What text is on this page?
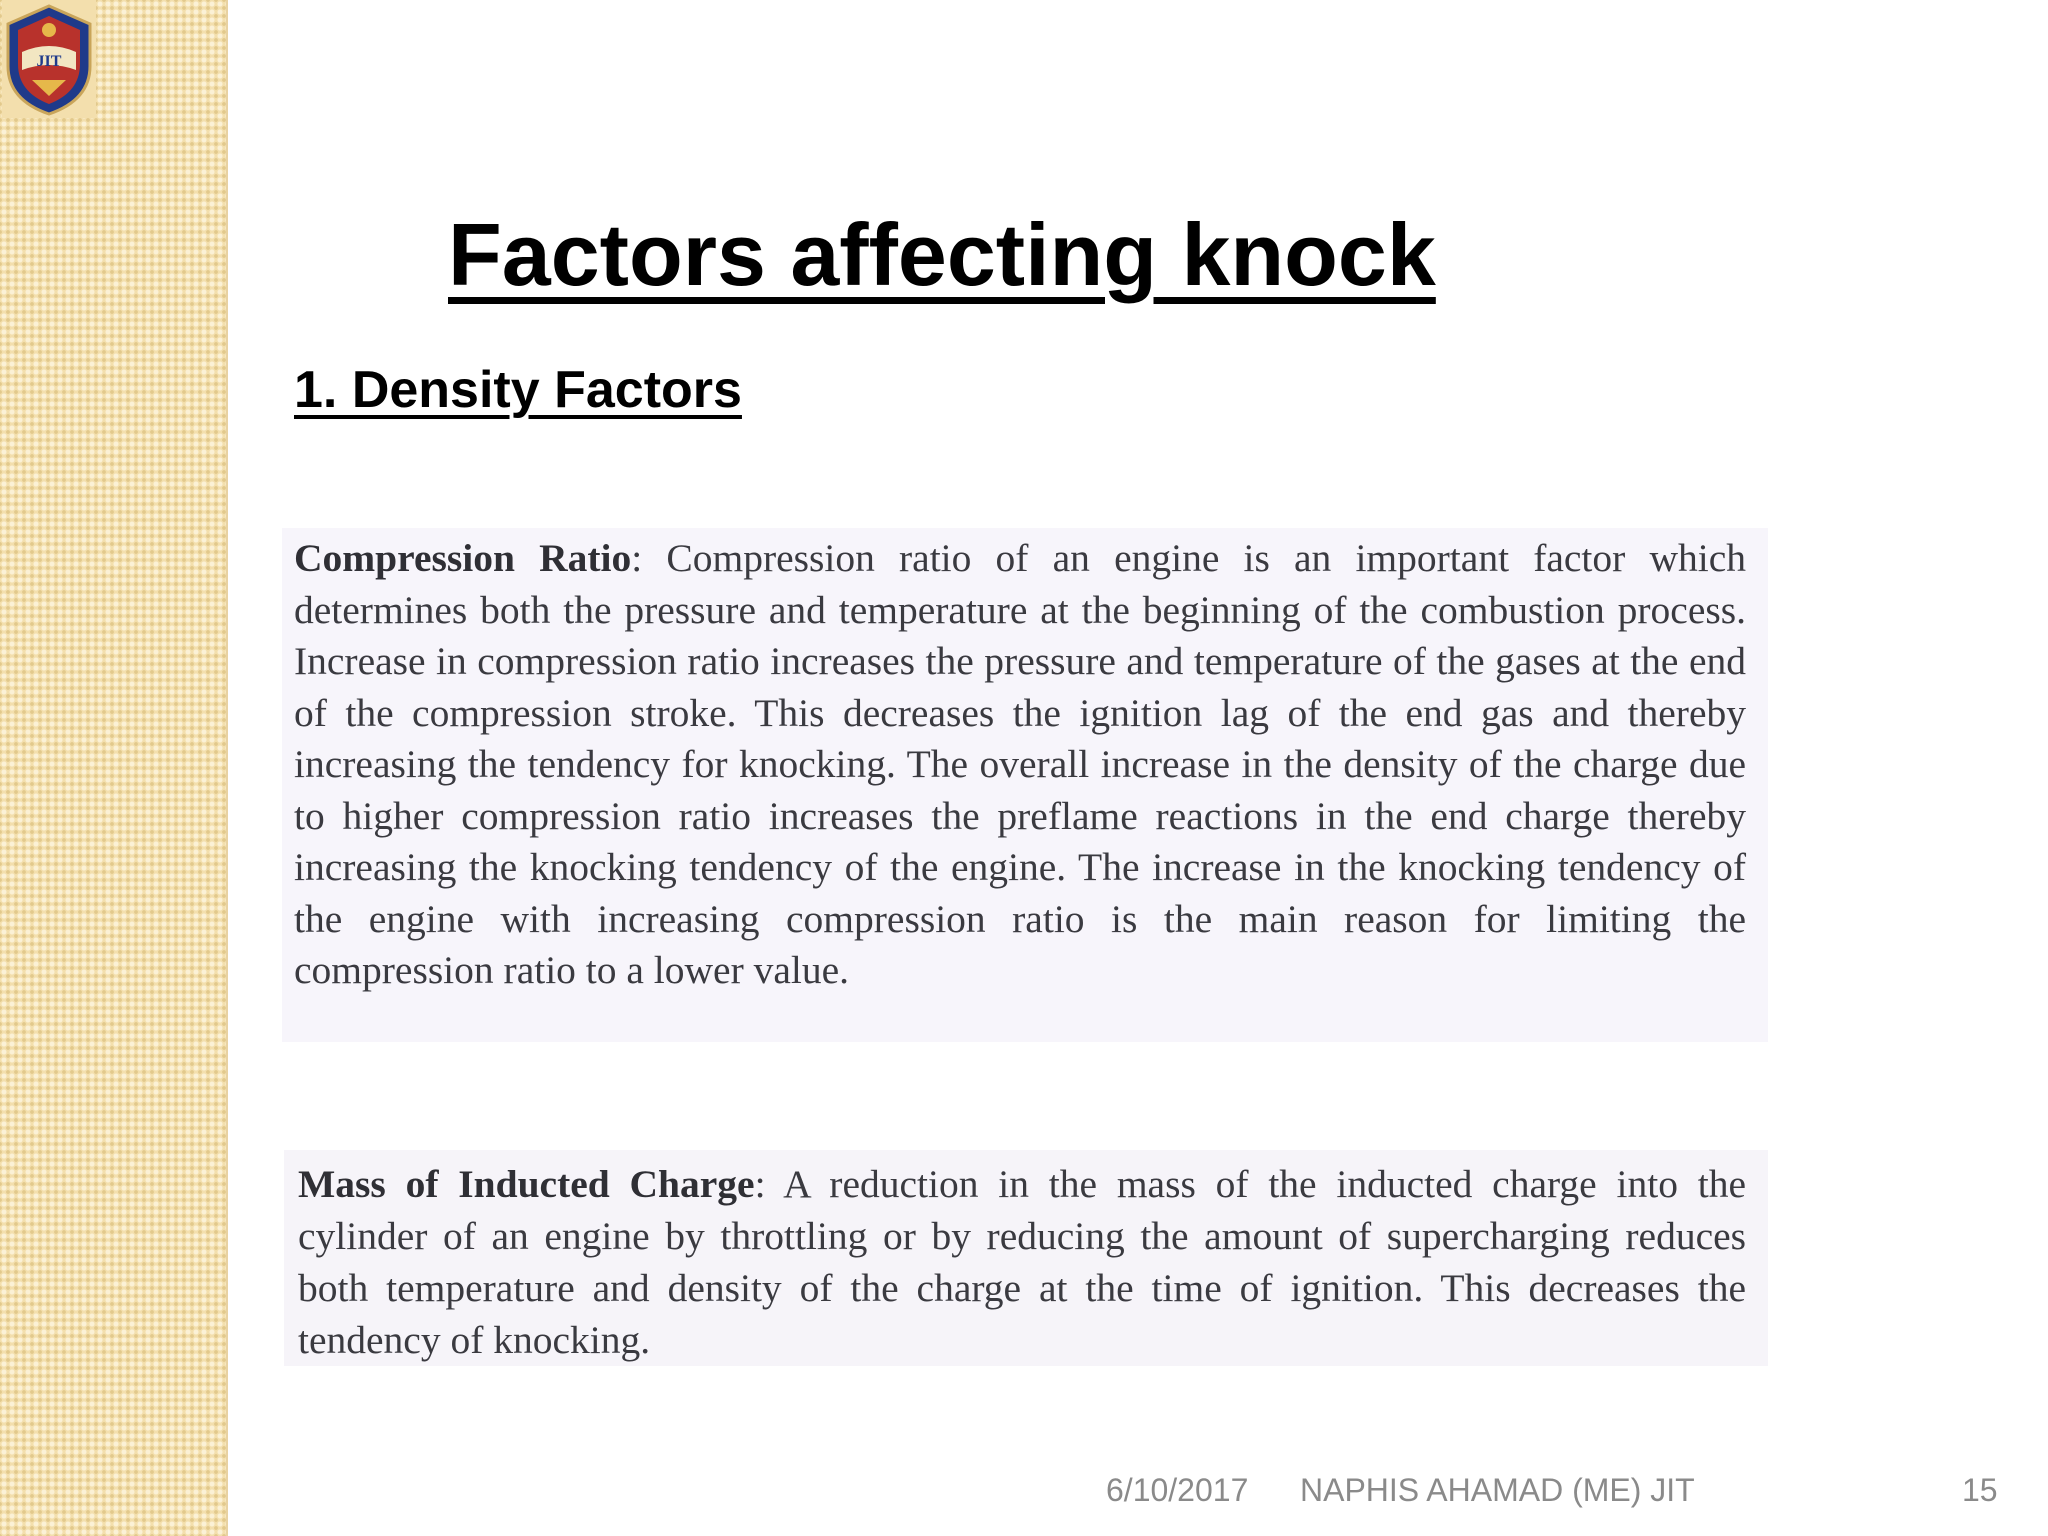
JIT
Factors affecting knock
1. Density Factors
Compression Ratio: Compression ratio of an engine is an important factor which determines both the pressure and temperature at the beginning of the combustion process. Increase in compression ratio increases the pressure and temperature of the gases at the end of the compression stroke. This decreases the ignition lag of the end gas and thereby increasing the tendency for knocking. The overall increase in the density of the charge due to higher compression ratio increases the preflame reactions in the end charge thereby increasing the knocking tendency of the engine. The increase in the knocking tendency of the engine with increasing compression ratio is the main reason for limiting the compression ratio to a lower value.
Mass of Inducted Charge: A reduction in the mass of the inducted charge into the cylinder of an engine by throttling or by reducing the amount of supercharging reduces both temperature and density of the charge at the time of ignition. This decreases the tendency of knocking.
6/10/2017 NAPHIS AHAMAD (ME) JIT	15
